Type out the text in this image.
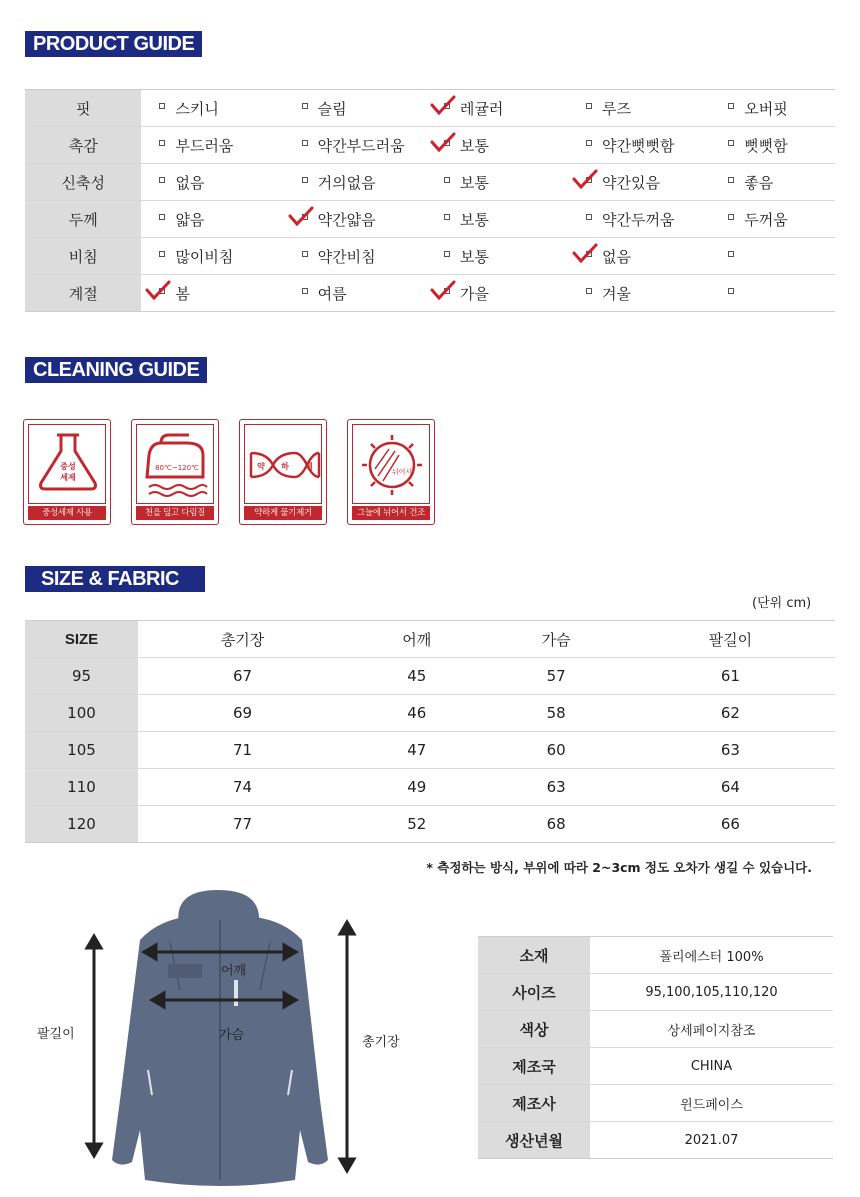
PRODUCT GUIDE
핏	스키니	슬림	레귤러	루즈	오버핏
촉감	부드러움	약간부드러움	보통	약간뻣뻣함	뻣뻣함
신축성	없음	거의없음	보통	약간있음	좋음
두께	얇음	약간얇음	보통	약간두꺼움	두꺼움
비침	많이비침	약간비침	보통	없음

계절	봄	여름	가을	겨울	
CLEANING GUIDE
중성
세제
중성세제 사용
80℃~120℃
천을 덮고 다림질
약 하 게
약하게 물기제거
뉘어서
그늘에 뉘어서 건조
SIZE & FABRIC
(단위 cm)
SIZE	총기장	어깨	가슴	팔길이
95	67	45	57	61
100	69	46	58	62
105	71	47	60	63
110	74	49	63	64
120	77	52	68	66
* 측정하는 방식, 부위에 따라 2~3cm 정도 오차가 생길 수 있습니다.
어깨
가슴
팔길이
총기장
소재	폴리에스터 100%
사이즈	95,100,105,110,120
색상	상세페이지참조
제조국	CHINA
제조사	윈드페이스
생산년월	2021.07
